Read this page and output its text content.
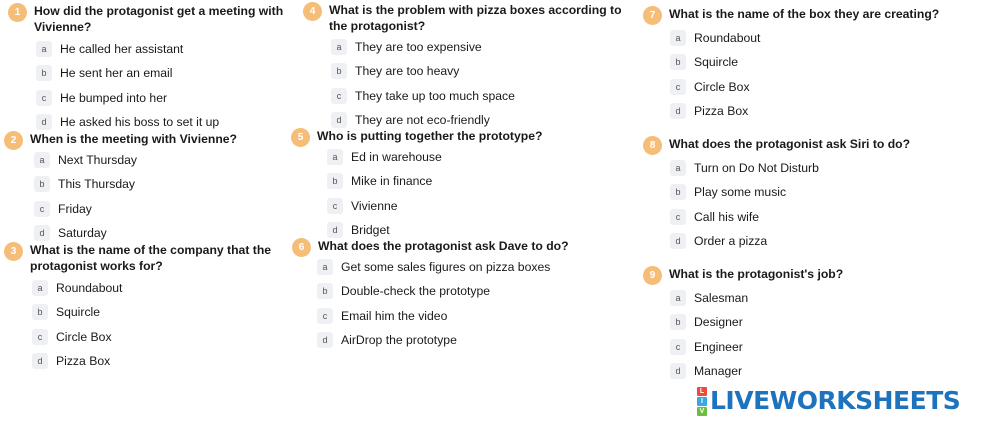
1	How did the protagonist get a meeting with Vivienne?
a	He called her assistant
b	He sent her an email
c	He bumped into her
d	He asked his boss to set it up
2	When is the meeting with Vivienne?
a	Next Thursday
b	This Thursday
c	Friday
d	Saturday
3	What is the name of the company that the protagonist works for?
a	Roundabout
b	Squircle
c	Circle Box
d	Pizza Box
4	What is the problem with pizza boxes according to the protagonist?
a	They are too expensive
b	They are too heavy
c	They take up too much space
d	They are not eco-friendly
5	Who is putting together the prototype?
a	Ed in warehouse
b	Mike in finance
c	Vivienne
d	Bridget
6	What does the protagonist ask Dave to do?
a	Get some sales figures on pizza boxes
b	Double-check the prototype
c	Email him the video
d	AirDrop the prototype
7	What is the name of the box they are creating?
a	Roundabout
b	Squircle
c	Circle Box
d	Pizza Box
8	What does the protagonist ask Siri to do?
a	Turn on Do Not Disturb
b	Play some music
c	Call his wife
d	Order a pizza
9	What is the protagonist's job?
a	Salesman
b	Designer
c	Engineer
d	Manager
L
I
V LIVEWORKSHEETS
